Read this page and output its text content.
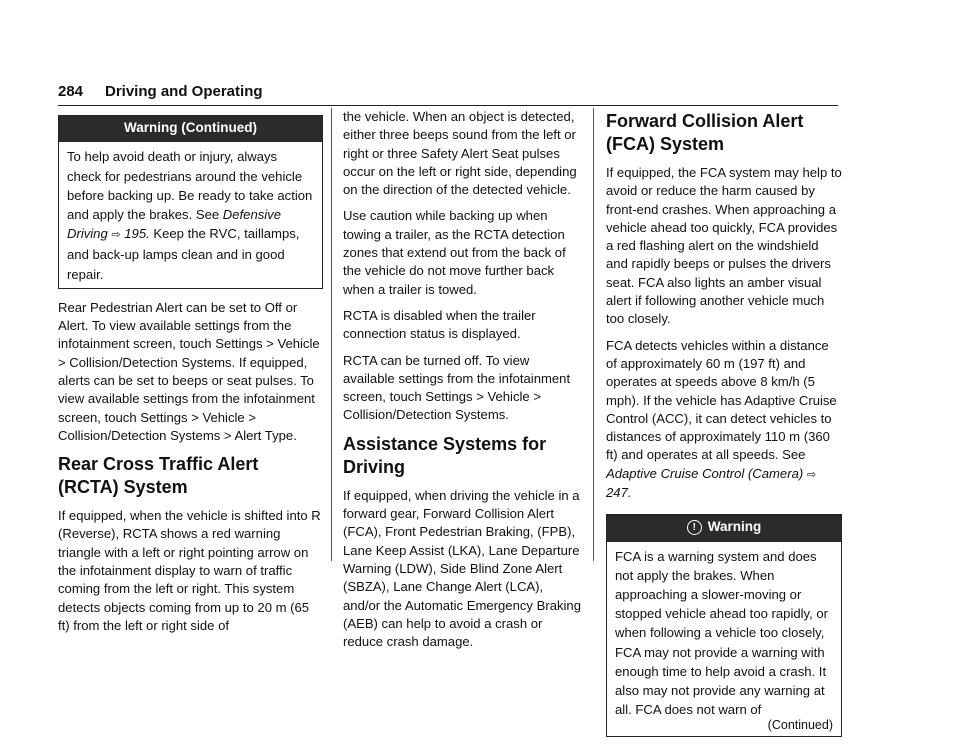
284 Driving and Operating
Warning (Continued)
To help avoid death or injury, always check for pedestrians around the vehicle before backing up. Be ready to take action and apply the brakes. See Defensive Driving ⇨ 195. Keep the RVC, taillamps, and back-up lamps clean and in good repair.

Rear Pedestrian Alert can be set to Off or Alert. To view available settings from the infotainment screen, touch Settings > Vehicle > Collision/Detection Systems. If equipped, alerts can be set to beeps or seat pulses. To view available settings from the infotainment screen, touch Settings > Vehicle > Collision/Detection Systems > Alert Type.

Rear Cross Traffic Alert (RCTA) System

If equipped, when the vehicle is shifted into R (Reverse), RCTA shows a red warning triangle with a left or right pointing arrow on the infotainment display to warn of traffic coming from the left or right. This system detects objects coming from up to 20 m (65 ft) from the left or right side of

the vehicle. When an object is detected, either three beeps sound from the left or right or three Safety Alert Seat pulses occur on the left or right side, depending on the direction of the detected vehicle.

Use caution while backing up when towing a trailer, as the RCTA detection zones that extend out from the back of the vehicle do not move further back when a trailer is towed.

RCTA is disabled when the trailer connection status is displayed.

RCTA can be turned off. To view available settings from the infotainment screen, touch Settings > Vehicle > Collision/Detection Systems.

Assistance Systems for Driving

If equipped, when driving the vehicle in a forward gear, Forward Collision Alert (FCA), Front Pedestrian Braking, (FPB), Lane Keep Assist (LKA), Lane Departure Warning (LDW), Side Blind Zone Alert (SBZA), Lane Change Alert (LCA), and/or the Automatic Emergency Braking (AEB) can help to avoid a crash or reduce crash damage.

Forward Collision Alert (FCA) System

If equipped, the FCA system may help to avoid or reduce the harm caused by front-end crashes. When approaching a vehicle ahead too quickly, FCA provides a red flashing alert on the windshield and rapidly beeps or pulses the drivers seat. FCA also lights an amber visual alert if following another vehicle much too closely.

FCA detects vehicles within a distance of approximately 60 m (197 ft) and operates at speeds above 8 km/h (5 mph). If the vehicle has Adaptive Cruise Control (ACC), it can detect vehicles to distances of approximately 110 m (360 ft) and operates at all speeds. See Adaptive Cruise Control (Camera) ⇨ 247.

! Warning
FCA is a warning system and does not apply the brakes. When approaching a slower-moving or stopped vehicle ahead too rapidly, or when following a vehicle too closely, FCA may not provide a warning with enough time to help avoid a crash. It also may not provide any warning at all. FCA does not warn of
(Continued)
